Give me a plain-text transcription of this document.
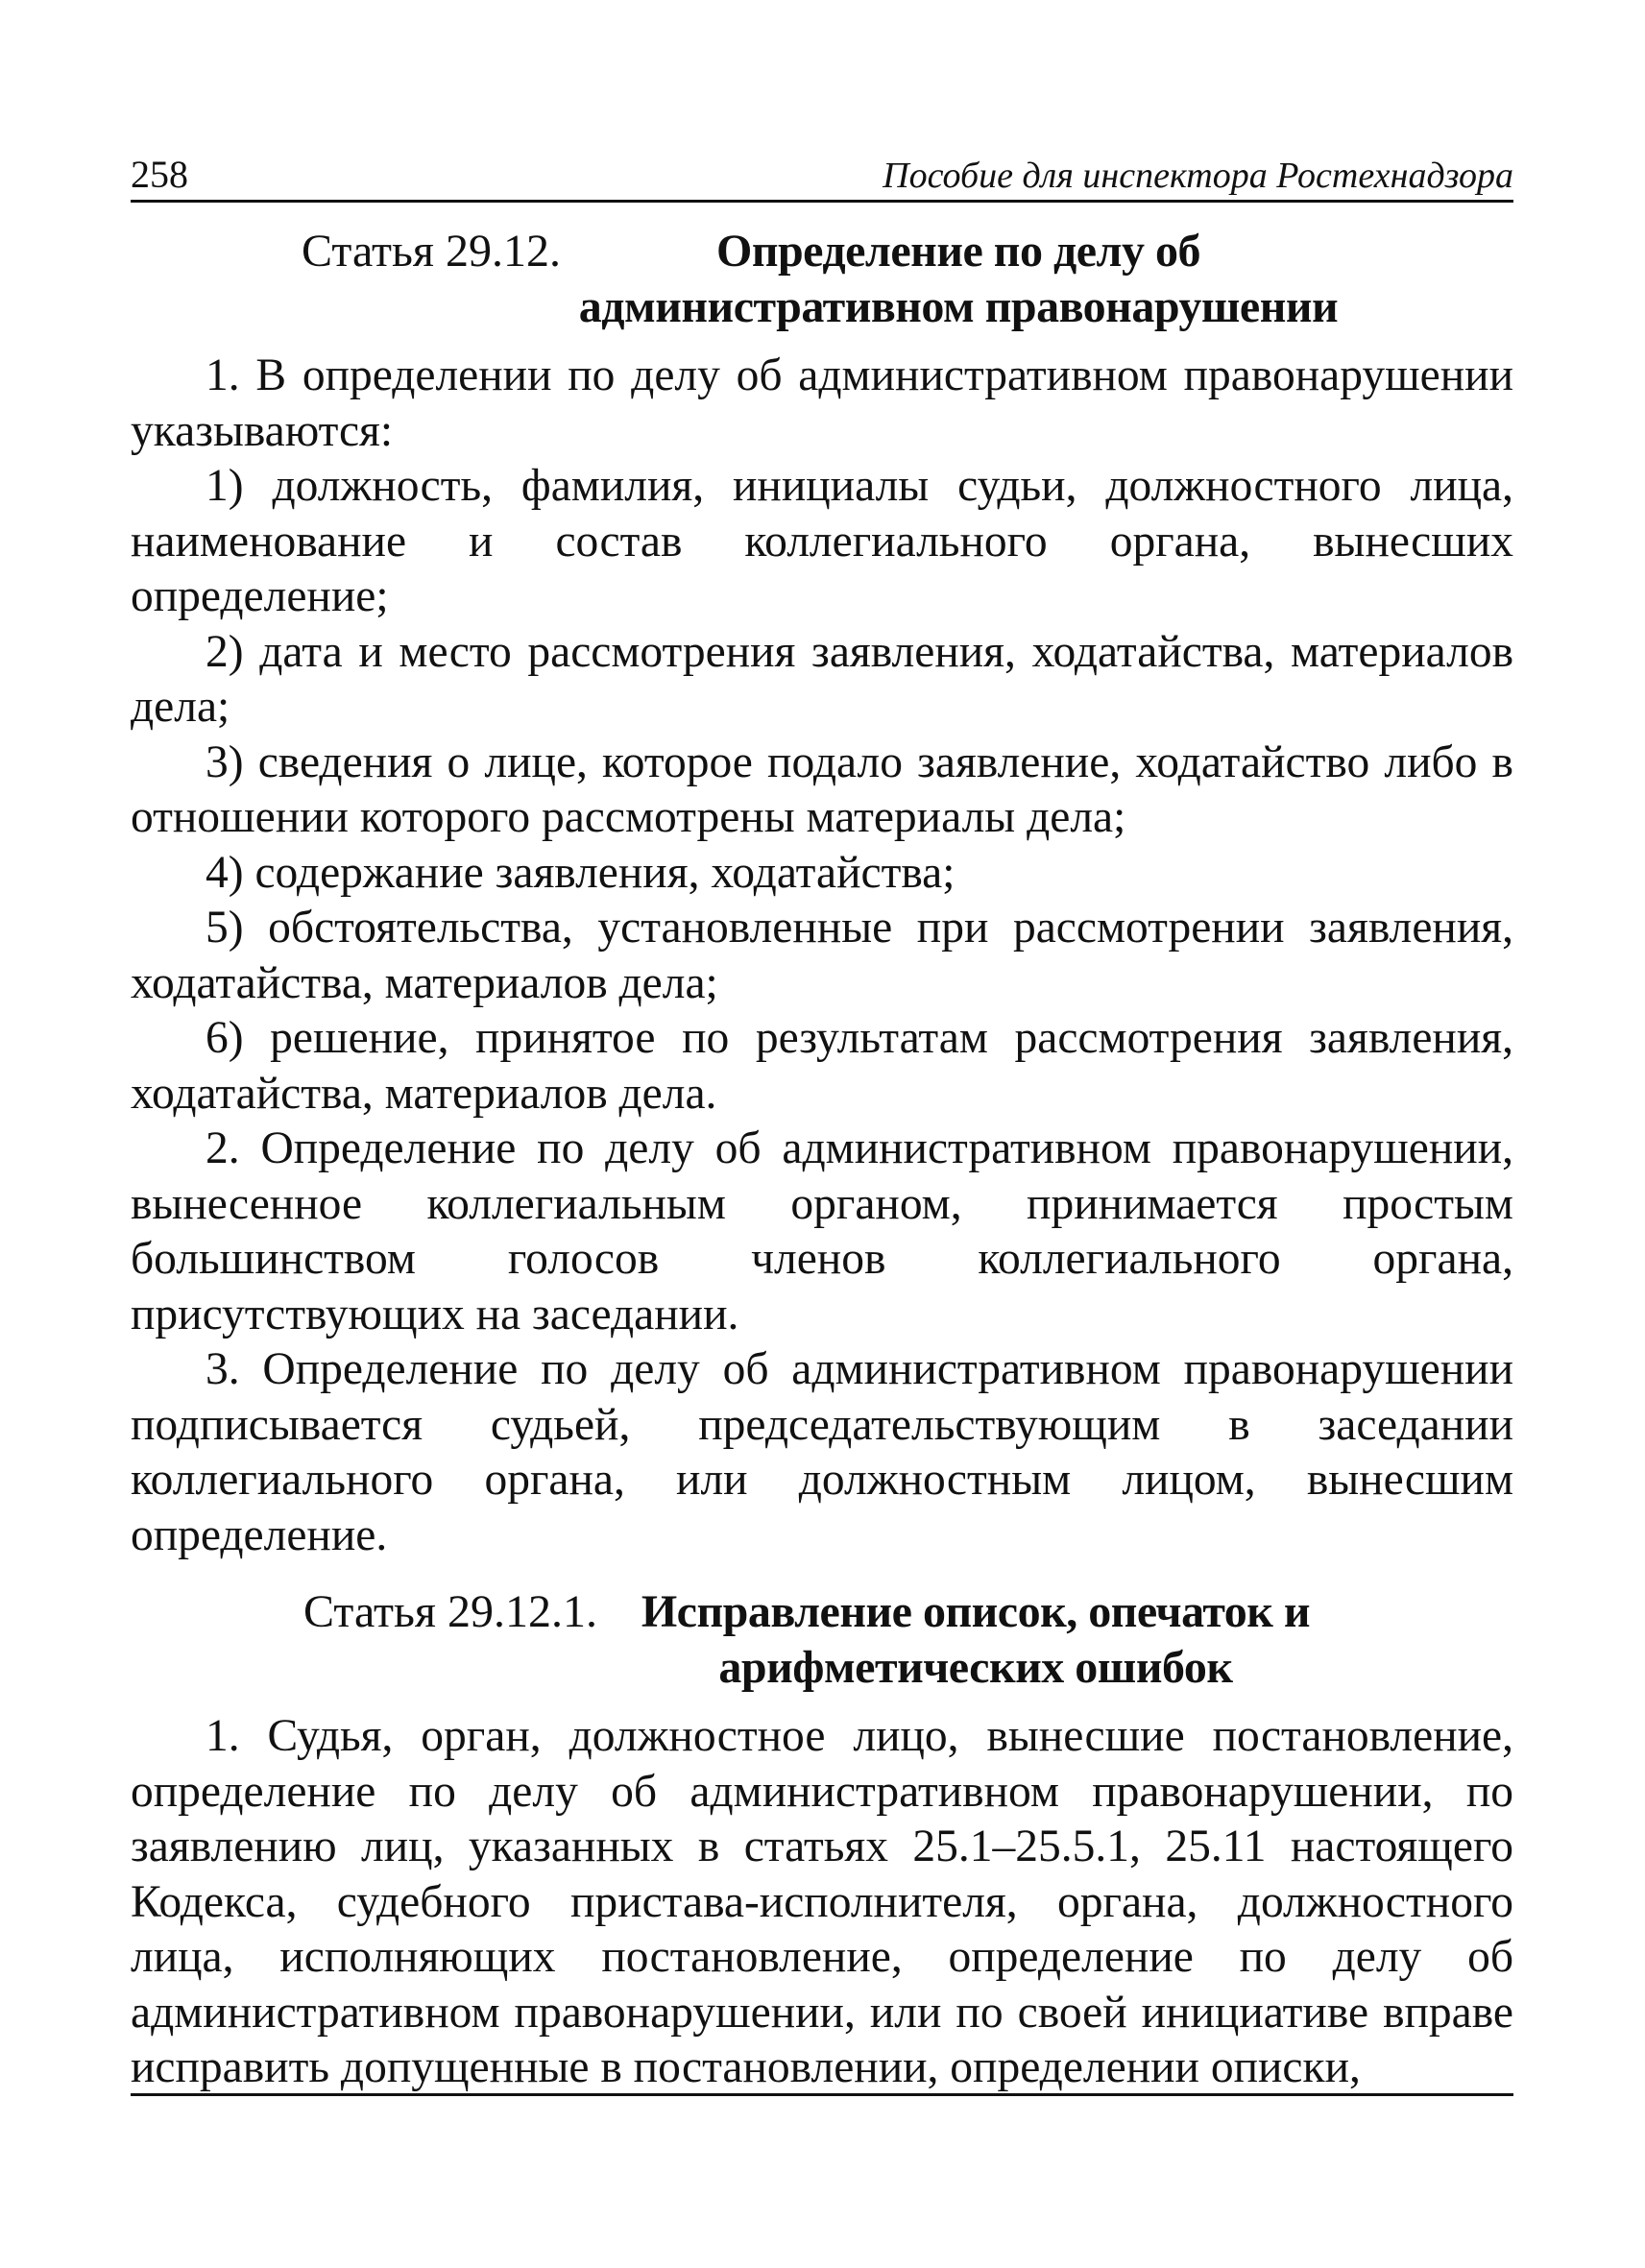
258	Пособие для инспектора Ростехнадзора
Статья 29.12.	Определение по делу об административном правонарушении

1. В определении по делу об административном правонарушении указываются:

1) должность, фамилия, инициалы судьи, должностного лица, наименование и состав коллегиального органа, вынесших определение;

2) дата и место рассмотрения заявления, ходатайства, материалов дела;

3) сведения о лице, которое подало заявление, ходатайство либо в отношении которого рассмотрены материалы дела;

4) содержание заявления, ходатайства;

5) обстоятельства, установленные при рассмотрении заявления, ходатайства, материалов дела;

6) решение, принятое по результатам рассмотрения заявления, ходатайства, материалов дела.

2. Определение по делу об административном правонарушении, вынесенное коллегиальным органом, принимается простым большинством голосов членов коллегиального органа, присутствующих на заседании.

3. Определение по делу об административном правонарушении подписывается судьей, председательствующим в заседании коллегиального органа, или должностным лицом, вынесшим определение.

Статья 29.12.1. Исправление описок, опечаток и арифметических ошибок

1. Судья, орган, должностное лицо, вынесшие постановление, определение по делу об административном правонарушении, по заявлению лиц, указанных в статьях 25.1–25.5.1, 25.11 настоящего Кодекса, судебного пристава-исполнителя, органа, должностного лица, исполняющих постановление, определение по делу об административном правонарушении, или по своей инициативе вправе исправить допущенные в постановлении, определении описки,
